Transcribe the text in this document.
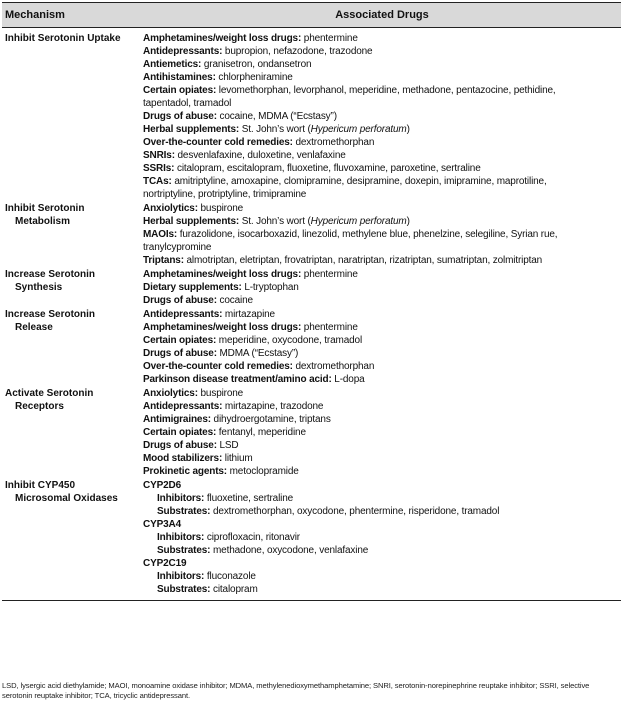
Mechanism	Associated Drugs
Inhibit Serotonin Uptake	Amphetamines/weight loss drugs: phentermine
Antidepressants: bupropion, nefazodone, trazodone
Antiemetics: granisetron, ondansetron
Antihistamines: chlorpheniramine
Certain opiates: levomethorphan, levorphanol, meperidine, methadone, pentazocine, pethidine,
tapentadol, tramadol
Drugs of abuse: cocaine, MDMA (“Ecstasy”)
Herbal supplements: St. John’s wort (Hypericum perforatum)
Over-the-counter cold remedies: dextromethorphan
SNRIs: desvenlafaxine, duloxetine, venlafaxine
SSRIs: citalopram, escitalopram, fluoxetine, fluvoxamine, paroxetine, sertraline
TCAs: amitriptyline, amoxapine, clomipramine, desipramine, doxepin, imipramine, maprotiline,
nortriptyline, protriptyline, trimipramine
Inhibit Serotonin
Metabolism
Anxiolytics: buspirone
Herbal supplements: St. John’s wort (Hypericum perforatum)
MAOIs: furazolidone, isocarboxazid, linezolid, methylene blue, phenelzine, selegiline, Syrian rue,
tranylcypromine
Triptans: almotriptan, eletriptan, frovatriptan, naratriptan, rizatriptan, sumatriptan, zolmitriptan
Increase Serotonin
Synthesis
Amphetamines/weight loss drugs: phentermine
Dietary supplements: L-tryptophan
Drugs of abuse: cocaine
Increase Serotonin
Release
Antidepressants: mirtazapine
Amphetamines/weight loss drugs: phentermine
Certain opiates: meperidine, oxycodone, tramadol
Drugs of abuse: MDMA (“Ecstasy”)
Over-the-counter cold remedies: dextromethorphan
Parkinson disease treatment/amino acid: L-dopa
Activate Serotonin
Receptors
Anxiolytics: buspirone
Antidepressants: mirtazapine, trazodone
Antimigraines: dihydroergotamine, triptans
Certain opiates: fentanyl, meperidine
Drugs of abuse: LSD
Mood stabilizers: lithium
Prokinetic agents: metoclopramide
Inhibit CYP450
Microsomal Oxidases
CYP2D6
Inhibitors: fluoxetine, sertraline
Substrates: dextromethorphan, oxycodone, phentermine, risperidone, tramadol
CYP3A4
Inhibitors: ciprofloxacin, ritonavir
Substrates: methadone, oxycodone, venlafaxine
CYP2C19
Inhibitors: fluconazole
Substrates: citalopram
LSD, lysergic acid diethylamide; MAOI, monoamine oxidase inhibitor; MDMA, methylenedioxymethamphetamine; SNRI, serotonin-norepinephrine reuptake inhibitor; SSRI, selective serotonin reuptake inhibitor; TCA, tricyclic antidepressant.
